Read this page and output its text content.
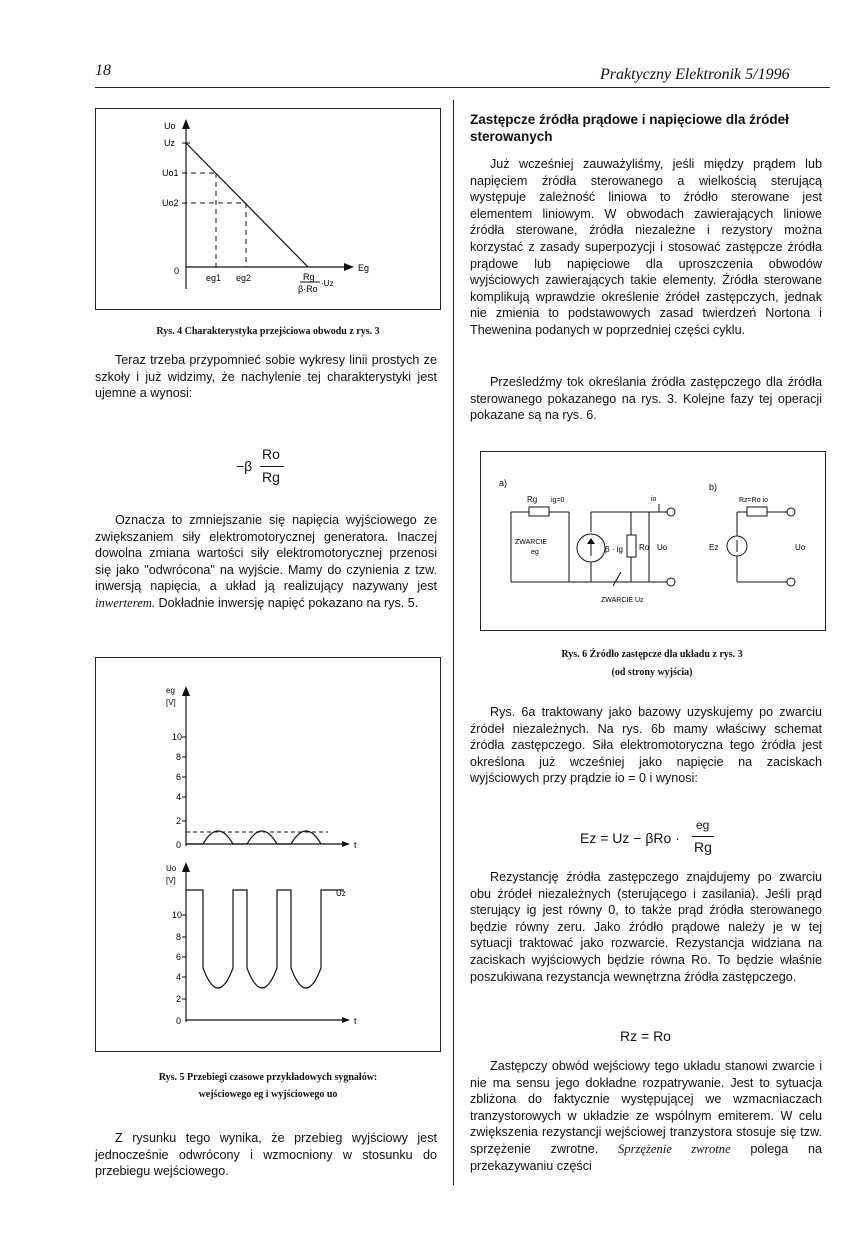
18	Praktyczny Elektronik 5/1996
Uo
Uz
Uo1
Uo2
0
eg1 eg2
Eg
Rg
β·Ro
·Uz
Rys. 4 Charakterystyka przejściowa obwodu z rys. 3

Teraz trzeba przypomnieć sobie wykresy linii prostych ze szkoły i już widzimy, że nachylenie tej charakterystyki jest ujemne a wynosi:

−β
Ro
Rg

Oznacza to zmniejszanie się napięcia wyjściowego ze zwiększaniem siły elektromotorycznej generatora. Inaczej dowolna zmiana wartości siły elektromotorycznej przenosi się jako "odwrócona" na wyjście. Mamy do czynienia z tzw. inwersją napięcia, a układ ją realizujący nazywany jest inwerterem. Dokładnie inwersję napięć pokazano na rys. 5.

eg
[V]
10
8
6
4
2
0	t
Uo
[V]
Uz
10
8
6
4
2
0	t
Rys. 5 Przebiegi czasowe przykładowych sygnałów:
wejściowego eg i wyjściowego uo

Z rysunku tego wynika, że przebieg wyjściowy jest jednocześnie odwrócony i wzmocniony w stosunku do przebiegu wejściowego.

Zastępcze źródła prądowe i napięciowe dla źródeł sterowanych

Już wcześniej zauważyliśmy, jeśli między prądem lub napięciem źródła sterowanego a wielkością sterującą występuje zależność liniowa to źródło sterowane jest elementem liniowym. W obwodach zawierających liniowe źródła sterowane, źródła niezależne i rezystory można korzystać z zasady superpozycji i stosować zastępcze źródła prądowe lub napięciowe dla uproszczenia obwodów wyjściowych zawierających takie elementy. Źródła sterowane komplikują wprawdzie określenie źródeł zastępczych, jednak nie zmienia to podstawowych zasad twierdzeń Nortona i Thewenina podanych w poprzedniej części cyklu.

Prześledźmy tok określania źródła zastępczego dla źródła sterowanego pokazanego na rys. 3. Kolejne fazy tej operacji pokazane są na rys. 6.

a)	b)
Rg ig=0	io
ZWARCIE
eg	β · ig Ro Uo
ZWARCIE Uz
Rz=Ro io
Ez	Uo
Rys. 6 Źródło zastępcze dla układu z rys. 3
(od strony wyjścia)

Rys. 6a traktowany jako bazowy uzyskujemy po zwarciu źródeł niezależnych. Na rys. 6b mamy właściwy schemat źródła zastępczego. Siła elektromotoryczna tego źródła jest określona już wcześniej jako napięcie na zaciskach wyjściowych przy prądzie io = 0 i wynosi:

Ez = Uz − βRo ·
eg
Rg

Rezystancję źródła zastępczego znajdujemy po zwarciu obu źródeł niezależnych (sterującego i zasilania). Jeśli prąd sterujący ig jest równy 0, to także prąd źródła sterowanego będzie równy zeru. Jako źródło prądowe należy je w tej sytuacji traktować jako rozwarcie. Rezystancja widziana na zaciskach wyjściowych będzie równa Ro. To będzie właśnie poszukiwana rezystancja wewnętrzna źródła zastępczego.

Rz = Ro

Zastępczy obwód wejściowy tego układu stanowi zwarcie i nie ma sensu jego dokładne rozpatrywanie. Jest to sytuacja zbliżona do faktycznie występującej we wzmacniaczach tranzystorowych w układzie ze wspólnym emiterem. W celu zwiększenia rezystancji wejściowej tranzystora stosuje się tzw. sprzężenie zwrotne. Sprzężenie zwrotne polega na przekazywaniu części
